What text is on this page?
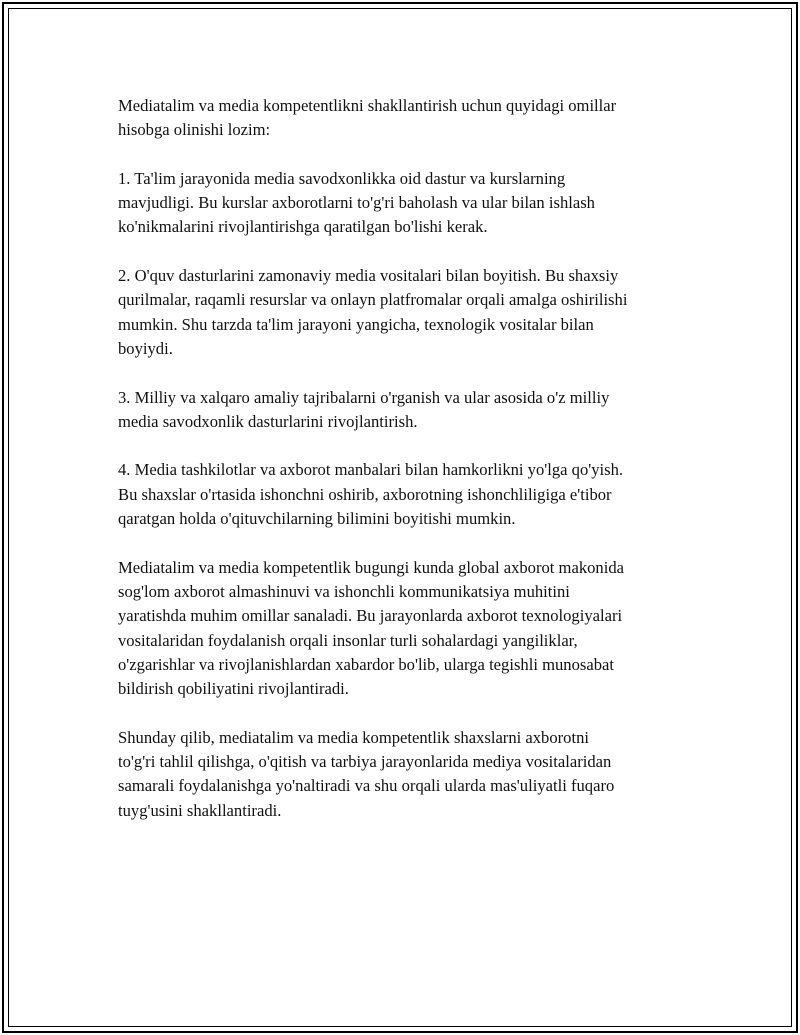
Mediatalim va media kompetentlikni shakllantirish uchun quyidagi omillar
hisobga olinishi lozim:

1. Ta'lim jarayonida media savodxonlikka oid dastur va kurslarning
mavjudligi. Bu kurslar axborotlarni to'g'ri baholash va ular bilan ishlash
ko'nikmalarini rivojlantirishga qaratilgan bo'lishi kerak.

2. O'quv dasturlarini zamonaviy media vositalari bilan boyitish. Bu shaxsiy
qurilmalar, raqamli resurslar va onlayn platfromalar orqali amalga oshirilishi
mumkin. Shu tarzda ta'lim jarayoni yangicha, texnologik vositalar bilan
boyiydi.

3. Milliy va xalqaro amaliy tajribalarni o'rganish va ular asosida o'z milliy
media savodxonlik dasturlarini rivojlantirish.

4. Media tashkilotlar va axborot manbalari bilan hamkorlikni yo'lga qo'yish.
Bu shaxslar o'rtasida ishonchni oshirib, axborotning ishonchliligiga e'tibor
qaratgan holda o'qituvchilarning bilimini boyitishi mumkin.

Mediatalim va media kompetentlik bugungi kunda global axborot makonida
sog'lom axborot almashinuvi va ishonchli kommunikatsiya muhitini
yaratishda muhim omillar sanaladi. Bu jarayonlarda axborot texnologiyalari
vositalaridan foydalanish orqali insonlar turli sohalardagi yangiliklar,
o'zgarishlar va rivojlanishlardan xabardor bo'lib, ularga tegishli munosabat
bildirish qobiliyatini rivojlantiradi.

Shunday qilib, mediatalim va media kompetentlik shaxslarni axborotni
to'g'ri tahlil qilishga, o'qitish va tarbiya jarayonlarida mediya vositalaridan
samarali foydalanishga yo'naltiradi va shu orqali ularda mas'uliyatli fuqaro
tuyg'usini shakllantiradi.
